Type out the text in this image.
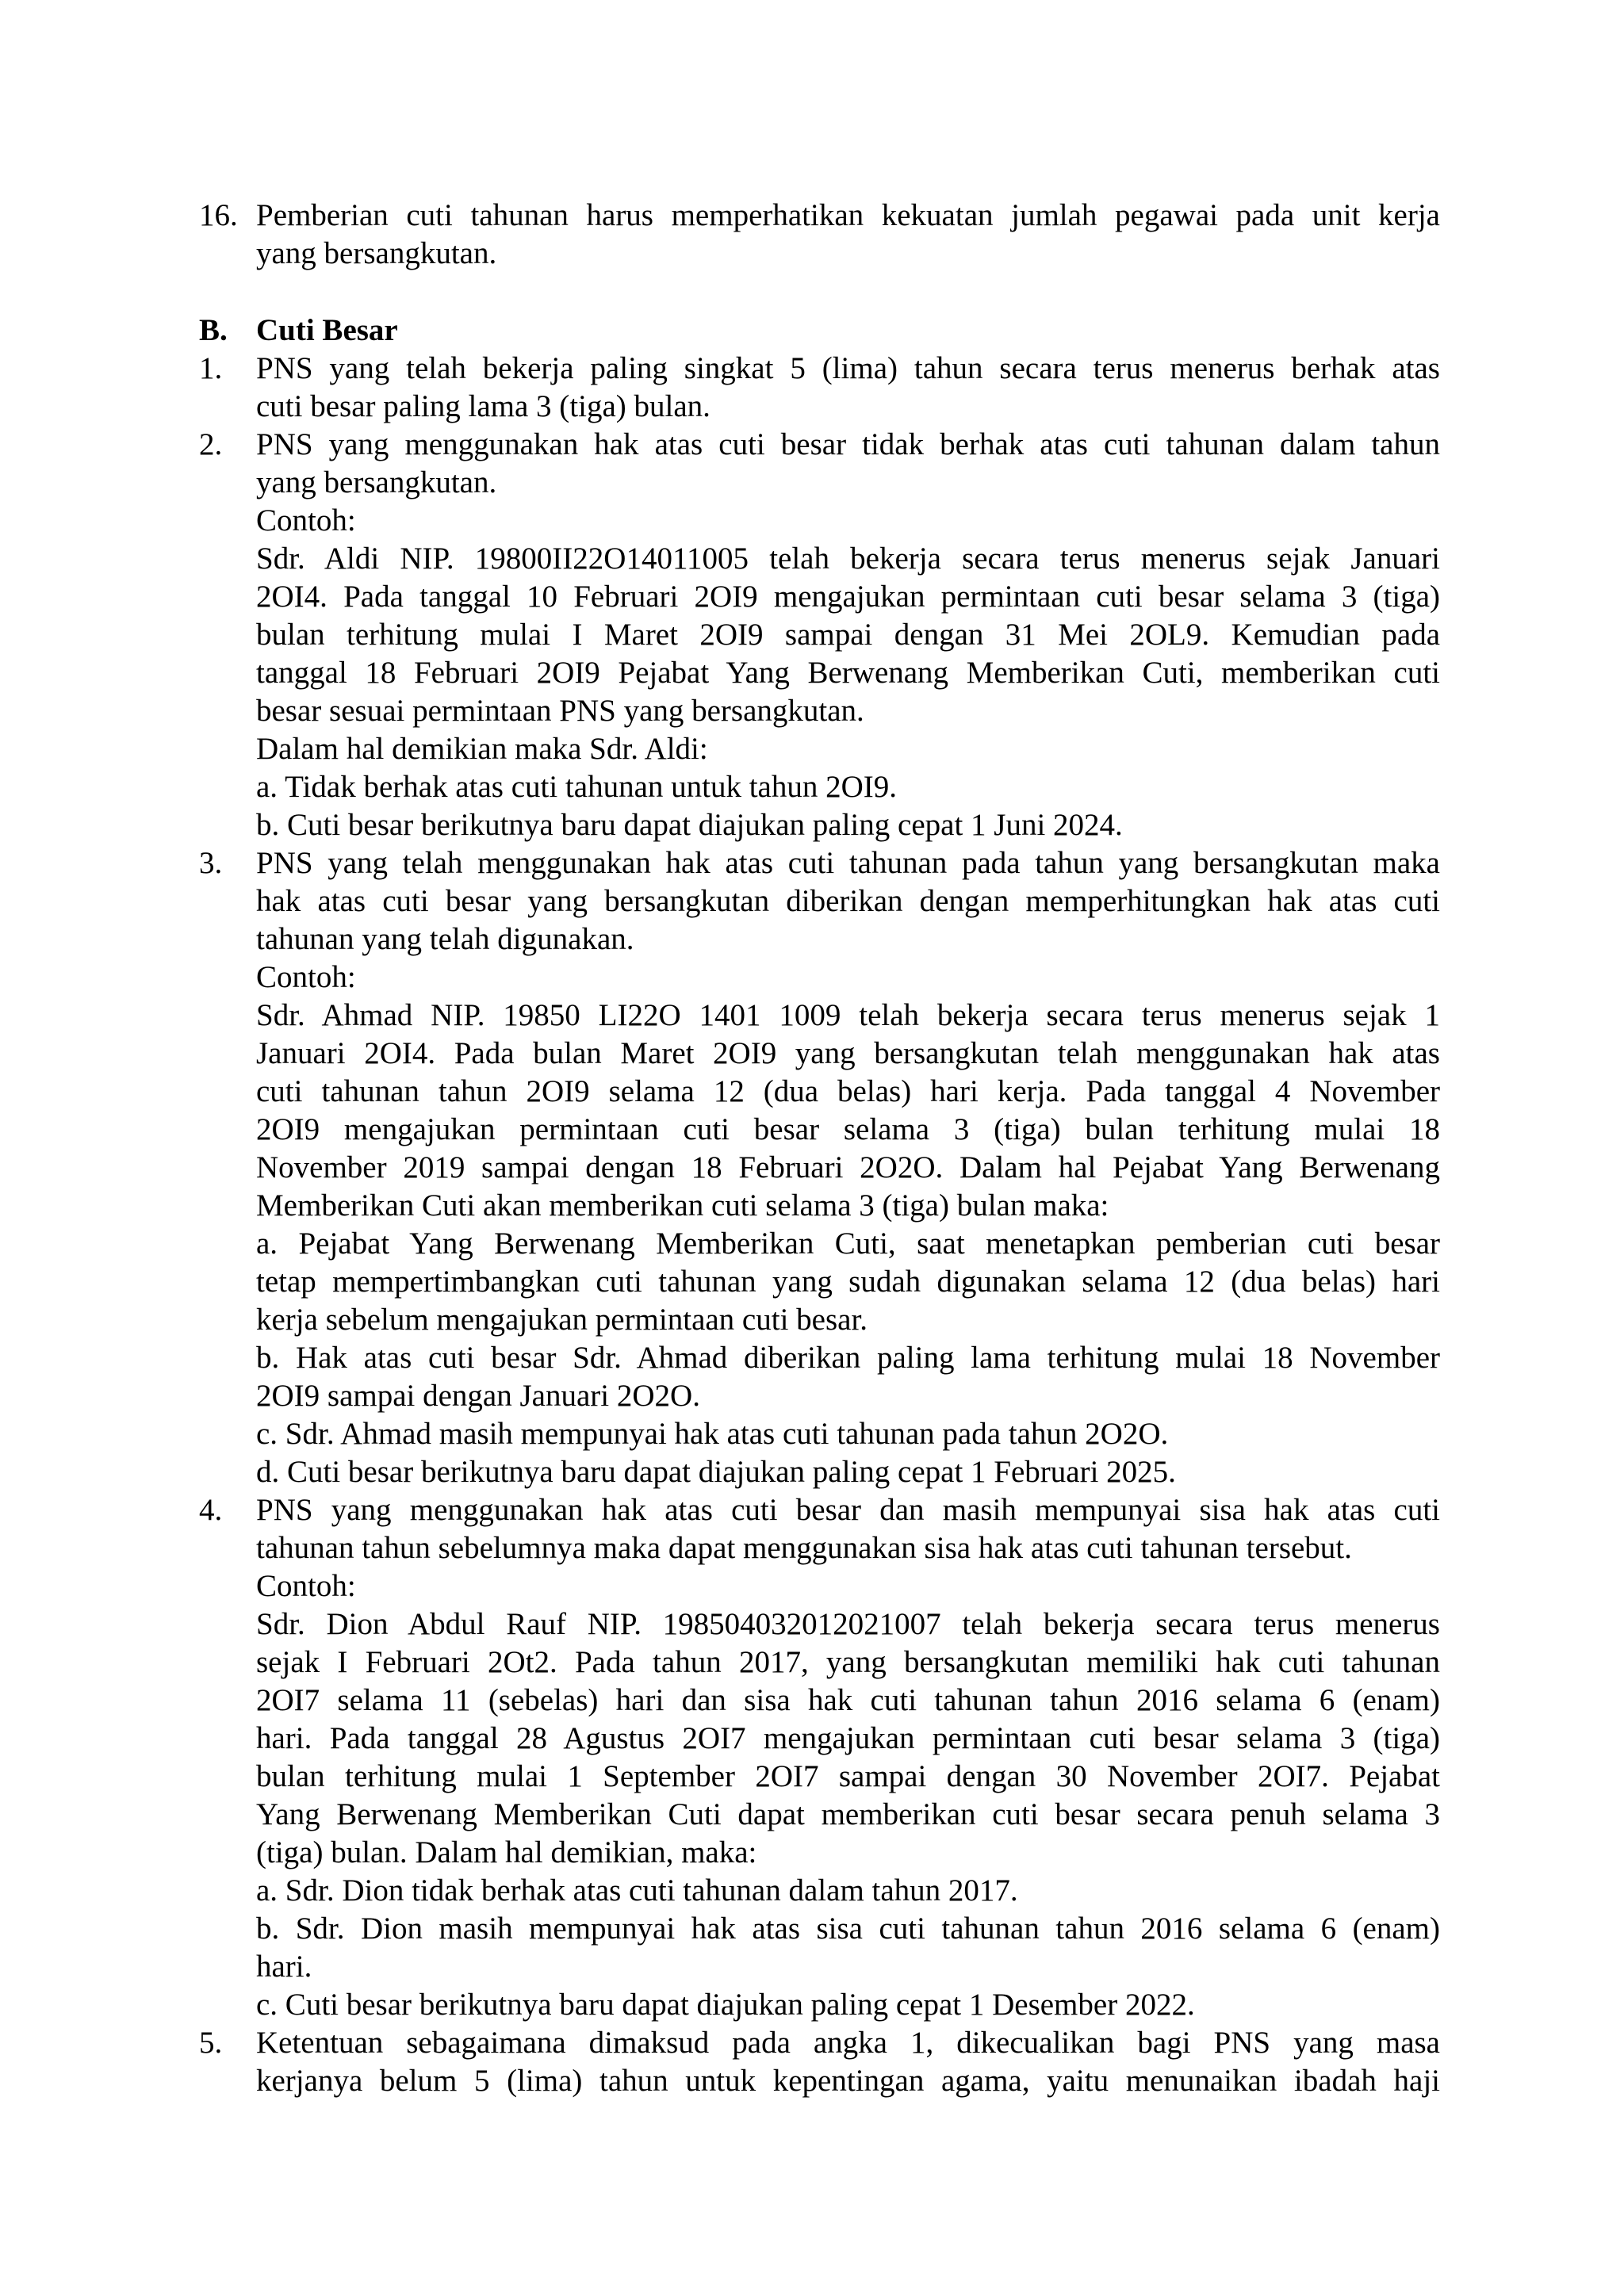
16. Pemberian cuti tahunan harus memperhatikan kekuatan jumlah pegawai pada unit kerja
yang bersangkutan.
B. Cuti Besar
1. PNS yang telah bekerja paling singkat 5 (lima) tahun secara terus menerus berhak atas
cuti besar paling lama 3 (tiga) bulan.
2. PNS yang menggunakan hak atas cuti besar tidak berhak atas cuti tahunan dalam tahun
yang bersangkutan.
Contoh:
Sdr. Aldi NIP. 19800II22O14011005 telah bekerja secara terus menerus sejak Januari
2OI4. Pada tanggal 10 Februari 2OI9 mengajukan permintaan cuti besar selama 3 (tiga)
bulan terhitung mulai I Maret 2OI9 sampai dengan 31 Mei 2OL9. Kemudian pada
tanggal 18 Februari 2OI9 Pejabat Yang Berwenang Memberikan Cuti, memberikan cuti
besar sesuai permintaan PNS yang bersangkutan.
Dalam hal demikian maka Sdr. Aldi:
a. Tidak berhak atas cuti tahunan untuk tahun 2OI9.
b. Cuti besar berikutnya baru dapat diajukan paling cepat 1 Juni 2024.
3. PNS yang telah menggunakan hak atas cuti tahunan pada tahun yang bersangkutan maka
hak atas cuti besar yang bersangkutan diberikan dengan memperhitungkan hak atas cuti
tahunan yang telah digunakan.
Contoh:
Sdr. Ahmad NIP. 19850 LI22O 1401 1009 telah bekerja secara terus menerus sejak 1
Januari 2OI4. Pada bulan Maret 2OI9 yang bersangkutan telah menggunakan hak atas
cuti tahunan tahun 2OI9 selama 12 (dua belas) hari kerja. Pada tanggal 4 November
2OI9 mengajukan permintaan cuti besar selama 3 (tiga) bulan terhitung mulai 18
November 2019 sampai dengan 18 Februari 2O2O. Dalam hal Pejabat Yang Berwenang
Memberikan Cuti akan memberikan cuti selama 3 (tiga) bulan maka:
a. Pejabat Yang Berwenang Memberikan Cuti, saat menetapkan pemberian cuti besar
tetap mempertimbangkan cuti tahunan yang sudah digunakan selama 12 (dua belas) hari
kerja sebelum mengajukan permintaan cuti besar.
b. Hak atas cuti besar Sdr. Ahmad diberikan paling lama terhitung mulai 18 November
2OI9 sampai dengan Januari 2O2O.
c. Sdr. Ahmad masih mempunyai hak atas cuti tahunan pada tahun 2O2O.
d. Cuti besar berikutnya baru dapat diajukan paling cepat 1 Februari 2025.
4. PNS yang menggunakan hak atas cuti besar dan masih mempunyai sisa hak atas cuti
tahunan tahun sebelumnya maka dapat menggunakan sisa hak atas cuti tahunan tersebut.
Contoh:
Sdr. Dion Abdul Rauf NIP. 198504032012021007 telah bekerja secara terus menerus
sejak I Februari 2Ot2. Pada tahun 2017, yang bersangkutan memiliki hak cuti tahunan
2OI7 selama 11 (sebelas) hari dan sisa hak cuti tahunan tahun 2016 selama 6 (enam)
hari. Pada tanggal 28 Agustus 2OI7 mengajukan permintaan cuti besar selama 3 (tiga)
bulan terhitung mulai 1 September 2OI7 sampai dengan 30 November 2OI7. Pejabat
Yang Berwenang Memberikan Cuti dapat memberikan cuti besar secara penuh selama 3
(tiga) bulan. Dalam hal demikian, maka:
a. Sdr. Dion tidak berhak atas cuti tahunan dalam tahun 2017.
b. Sdr. Dion masih mempunyai hak atas sisa cuti tahunan tahun 2016 selama 6 (enam)
hari.
c. Cuti besar berikutnya baru dapat diajukan paling cepat 1 Desember 2022.
5. Ketentuan sebagaimana dimaksud pada angka 1, dikecualikan bagi PNS yang masa
kerjanya belum 5 (lima) tahun untuk kepentingan agama, yaitu menunaikan ibadah haji
